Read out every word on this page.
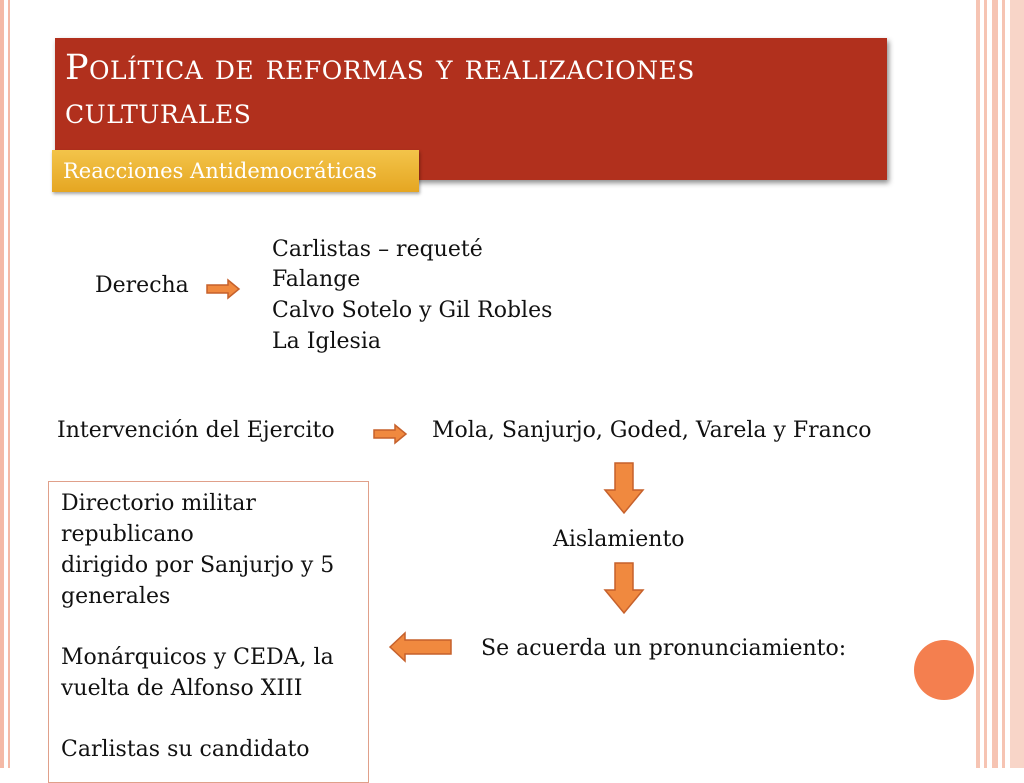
Política de reformas y realizaciones culturales
Reacciones Antidemocráticas
Derecha
Carlistas – requeté
Falange
Calvo Sotelo y Gil Robles
La Iglesia
Intervención del Ejercito	Mola, Sanjurjo, Goded, Varela y Franco
Aislamiento
Se acuerda un pronunciamiento:
Directorio militar
republicano
dirigido por Sanjurjo y 5
generales
Monárquicos y CEDA, la
vuelta de Alfonso XIII
Carlistas su candidato
